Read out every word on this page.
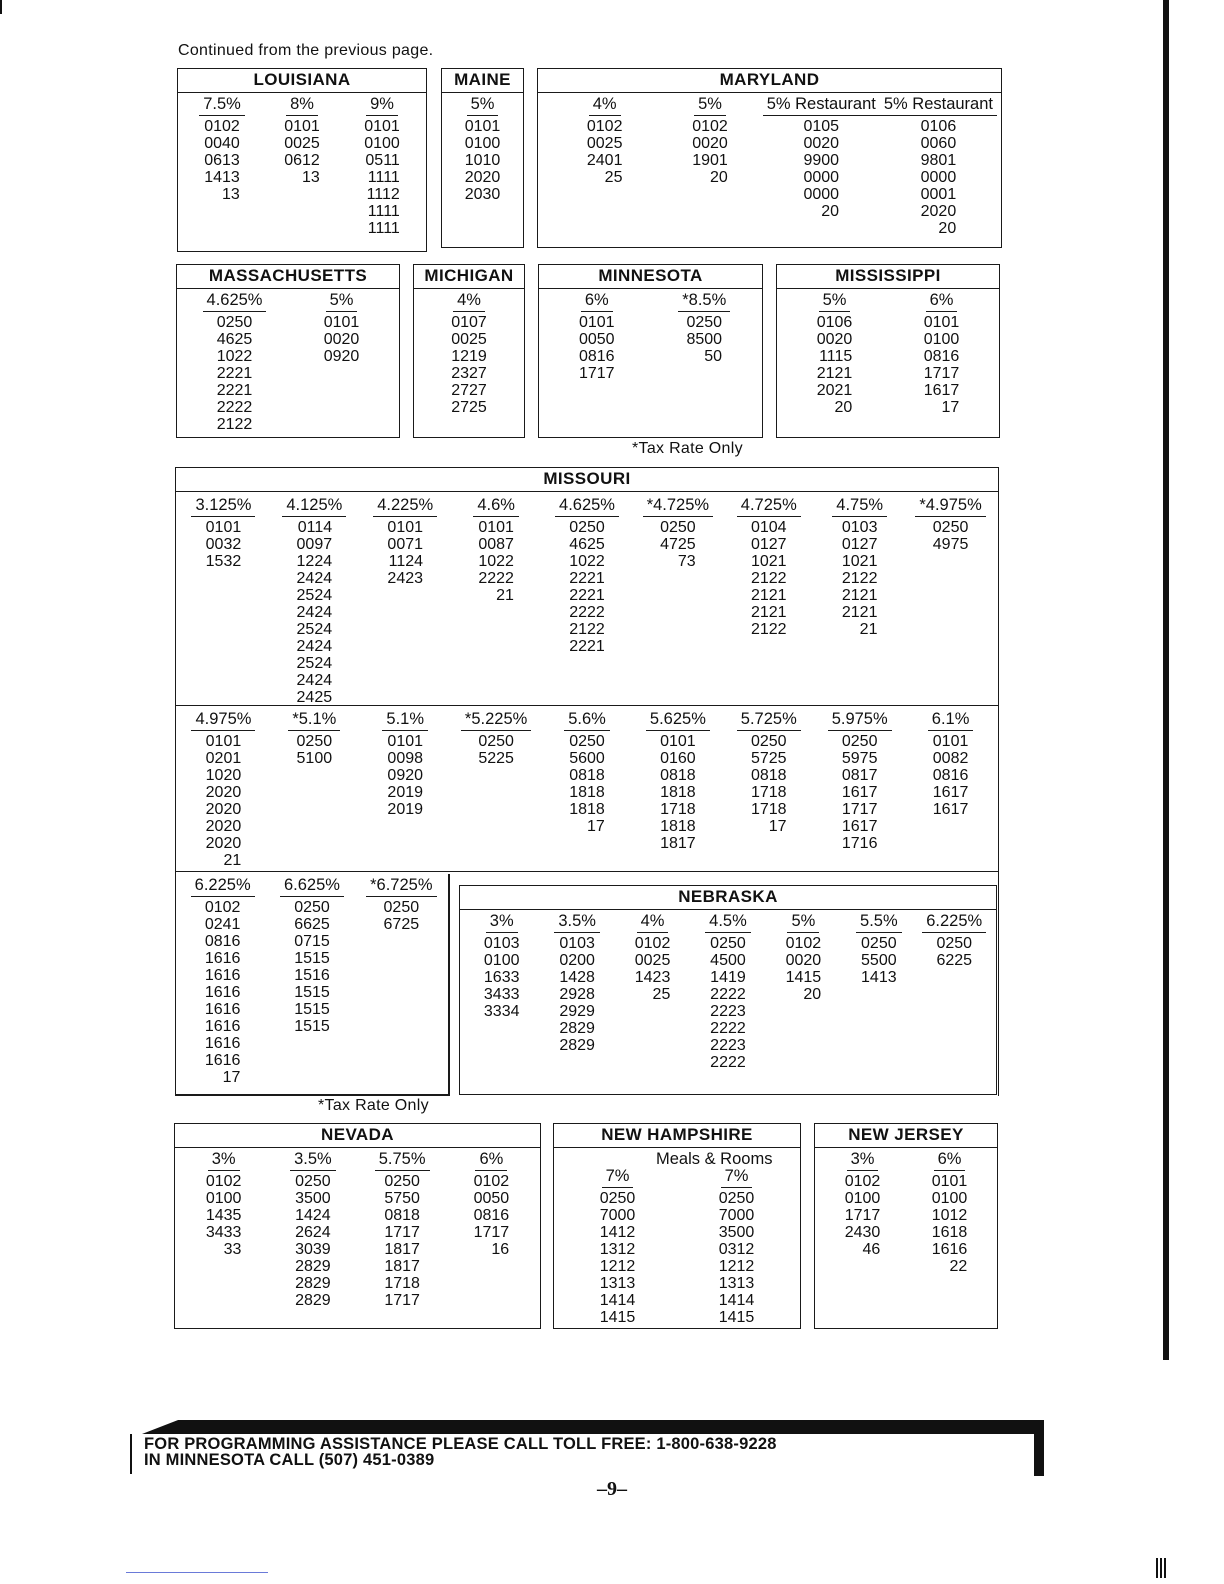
Continued from the previous page.
LOUISIANA
7.5%
0102
0040
0613
1413
13
8%
0101
0025
0612
13
9%
0101
0100
0511
1111
1112
1111
1111
MAINE
5%
0101
0100
1010
2020
2030
MARYLAND
4%
0102
0025
2401
25
5%
0102
0020
1901
20
5% Restaurant
0105
0020
9900
0000
0000
20
5% Restaurant
0106
0060
9801
0000
0001
2020
20
MASSACHUSETTS
4.625%
0250
4625
1022
2221
2221
2222
2122
5%
0101
0020
0920
MICHIGAN
4%
0107
0025
1219
2327
2727
2725
MINNESOTA
6%
0101
0050
0816
1717
*8.5%
0250
8500
50
MISSISSIPPI
5%
0106
0020
1115
2121
2021
20
6%
0101
0100
0816
1717
1617
17
*Tax Rate Only
MISSOURI
3.125%
0101
0032
1532
4.125%
0114
0097
1224
2424
2524
2424
2524
2424
2524
2424
2425
4.225%
0101
0071
1124
2423
4.6%
0101
0087
1022
2222
21
4.625%
0250
4625
1022
2221
2221
2222
2122
2221
*4.725%
0250
4725
73
4.725%
0104
0127
1021
2122
2121
2121
2122
4.75%
0103
0127
1021
2122
2121
2121
21
*4.975%
0250
4975
4.975%
0101
0201
1020
2020
2020
2020
2020
21
*5.1%
0250
5100
5.1%
0101
0098
0920
2019
2019
*5.225%
0250
5225
5.6%
0250
5600
0818
1818
1818
17
5.625%
0101
0160
0818
1818
1718
1818
1817
5.725%
0250
5725
0818
1718
1718
17
5.975%
0250
5975
0817
1617
1717
1617
1716
6.1%
0101
0082
0816
1617
1617
6.225%
0102
0241
0816
1616
1616
1616
1616
1616
1616
1616
17
6.625%
0250
6625
0715
1515
1516
1515
1515
1515
*6.725%
0250
6725
NEBRASKA
3%
0103
0100
1633
3433
3334
3.5%
0103
0200
1428
2928
2929
2829
2829
4%
0102
0025
1423
25
4.5%
0250
4500
1419
2222
2223
2222
2223
2222
5%
0102
0020
1415
20
5.5%
0250
5500
1413
6.225%
0250
6225
*Tax Rate Only
NEVADA
3%
0102
0100
1435
3433
33
3.5%
0250
3500
1424
2624
3039
2829
2829
2829
5.75%
0250
5750
0818
1717
1817
1817
1718
1717
6%
0102
0050
0816
1717
16
NEW HAMPSHIRE
Meals & Rooms
7%
0250
7000
1412
1312
1212
1313
1414
1415
7%
0250
7000
3500
0312
1212
1313
1414
1415
NEW JERSEY
3%
0102
0100
1717
2430
46
6%
0101
0100
1012
1618
1616
22
FOR PROGRAMMING ASSISTANCE PLEASE CALL TOLL FREE: 1-800-638-9228
IN MINNESOTA CALL (507) 451-0389
–9–
